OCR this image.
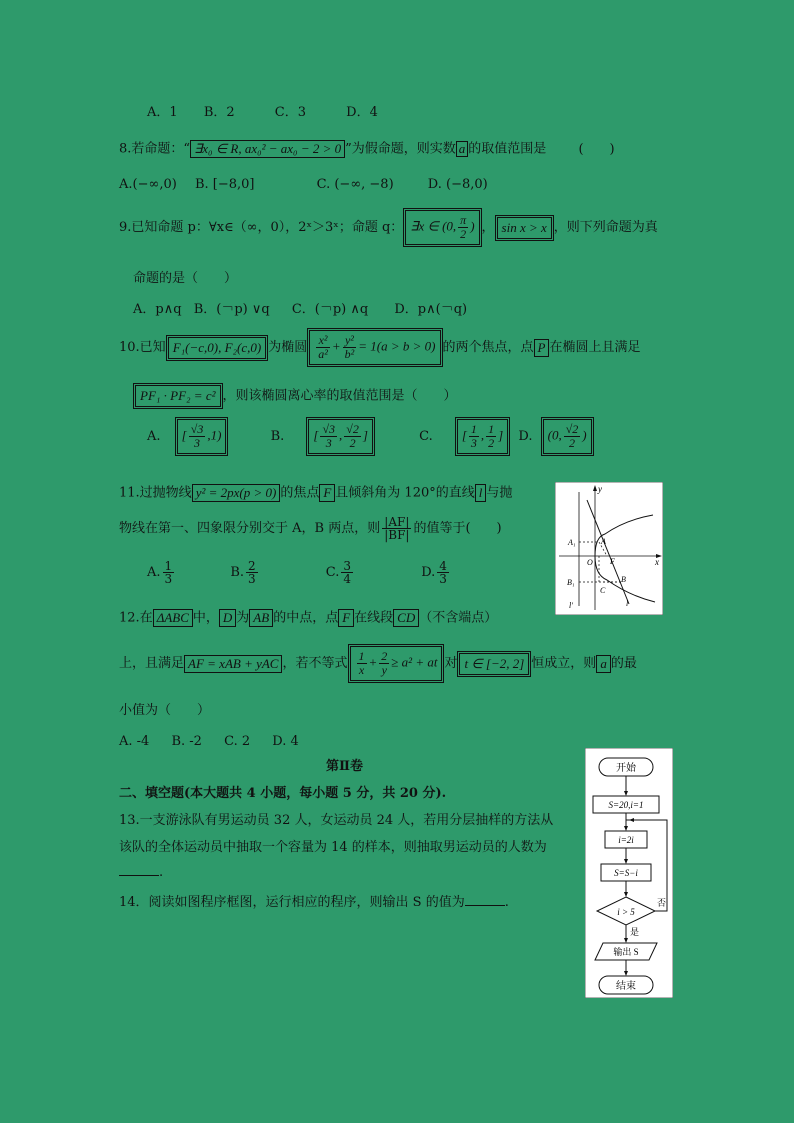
A．1 B．2	C．3	D．4
8.若命题：“ ∃x₀ ∈ R, ax₀² − ax₀ − 2 > 0 ”为假命题，则实数 a 的取值范围是 (　　)
A.(−∞,0) B. [−8,0]	C. (−∞, −8)	D. (−8,0)
9.已知命题 p：∀x∈（∞，0），2ˣ＞3ˣ；命题 q： ∃x ∈ (0, $\frac{\pi}{2}$ ) ， sin x > x ，则下列命题为真
命题的是（　　）
A．p∧q B．(￢p) ∨q C．(￢p) ∧q D．p∧(￢q)
10.已知 F₁(−c,0), F₂(c,0) 为椭圆 $\frac{\text{x²}}{\text{a²}} + \frac{\text{y²}}{\text{b²}} = 1(a > b > 0)$ 的两个焦点，点 P 在椭圆上且满足
PF₁ · PF₂ = c² ，则该椭圆离心率的取值范围是（　　）
A. [ $\frac{√3}{3} ,1$)	B. [ $\frac{√3}{3}$ , $\frac{√2}{2}$ ]	C. [ $\frac{1}{3}$ , $\frac{1}{2}$ ] D. (0, $\frac{√2}{2}$ )
11.过抛物线 y² = 2px(p > 0) 的焦点 F 且倾斜角为 120°的直线 l 与抛
物线在第一、四象限分别交于 A，B 两点，则 $\frac{|AF|}{|BF|}$ 的值等于(　　)
A. $\frac{1}{3}$	B. $\frac{2}{3}$	C. $\frac{3}{4}$	D. $\frac{4}{3}$
y
x
A₁	A
O F
B₁	B
C
l'	l
12.在 ΔABC 中， D 为 AB 的中点，点 F 在线段 CD （不含端点）
上，且满足 AF = xAB + yAC ，若不等式 $\frac{1}{x} + \frac{2}{y} \ge a^2$ + at 对 t ∈ [−2, 2] 恒成立，则 a 的最
小值为（　　）
A. -4 B. -2 C. 2 D. 4
第Ⅱ卷
二、填空题(本大题共 4 小题，每小题 5 分，共 20 分).
13.一支游泳队有男运动员 32 人，女运动员 24 人，若用分层抽样的方法从
该队的全体运动员中抽取一个容量为 14 的样本，则抽取男运动员的人数为
.
14．阅读如图程序框图，运行相应的程序，则输出 S 的值为	.
开始
S=20,i=1
i=2i
S=S−i
i > 5
否
是
输出 S
结束
